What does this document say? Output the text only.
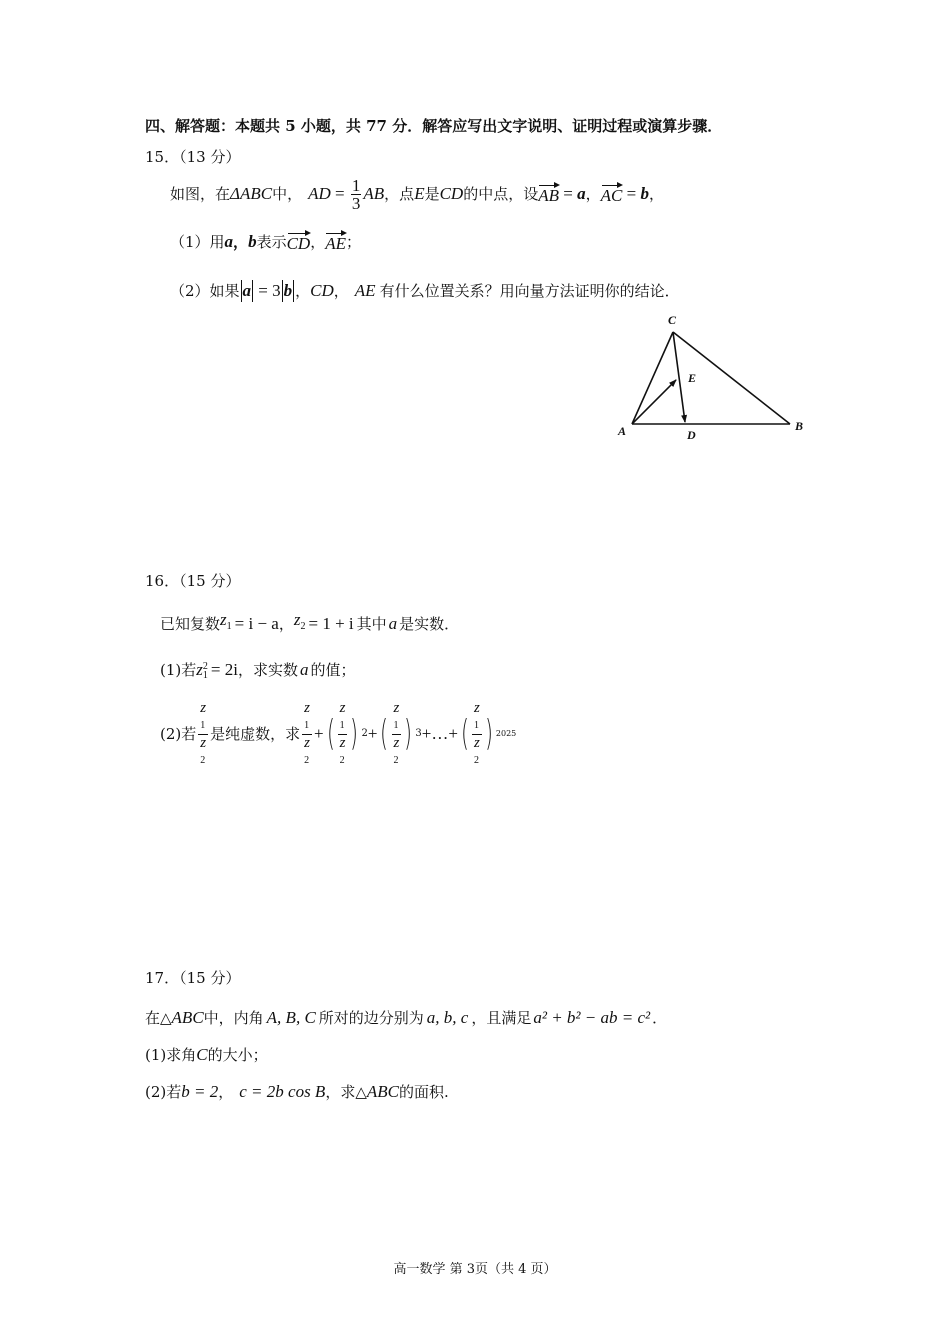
四、解答题：本题共 5 小题，共 77 分．解答应写出文字说明、证明过程或演算步骤．
15．（13 分）
如图，在 ΔABC 中， AD = $\frac{1}{3}$ AB ，点 E 是 CD 的中点，设 AB = a ， AC = b ，
（1）用 a ， b 表示 CD ， AE ；
（2）如果 a = 3 b ， CD ， AE 有什么位置关系？用向量方法证明你的结论．
C
E
A	D
B
16．（15 分）
已知复数 $z_1 = i - a$ ， $z_2 = 1 + i$ 其中 a 是实数．
(1)若 z 2
1 = 2i ，求实数 a 的值；
(2)若 z
1
z
2 是纯虚数，求 z
1
z
2 + ( z
1
z
2 ) 2 + ( z
1
z
2 ) 3 +…+ ( z
1
z
2 ) 2025
17．（15 分）
在△ ABC 中，内角 A, B, C 所对的边分别为 a, b, c ，且满足 a² + b² − ab = c² ．
(1)求角 C 的大小；
(2)若 b = 2 ， c = 2b cos B ，求△ ABC 的面积.
高一数学 第 3页（共 4 页）
